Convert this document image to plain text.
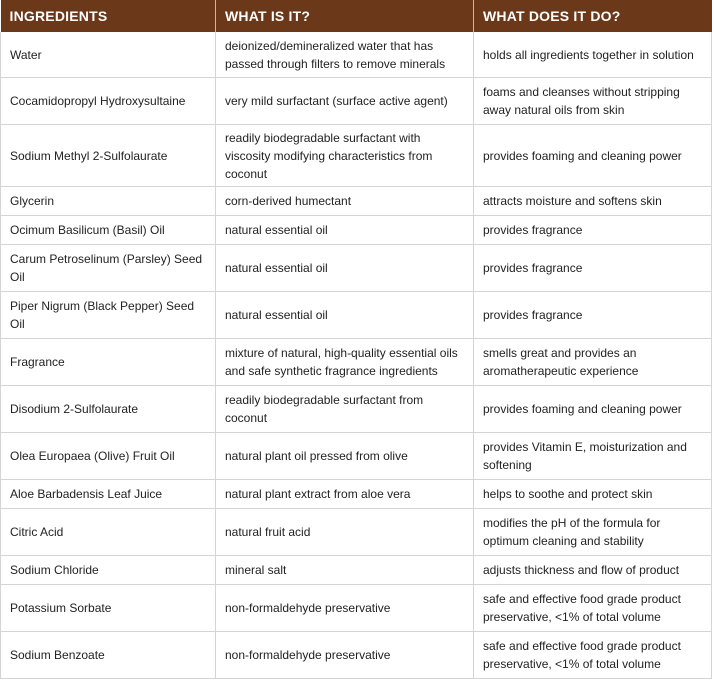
INGREDIENTS	WHAT IS IT?	WHAT DOES IT DO?
Water	deionized/demineralized water that has passed through filters to remove minerals	holds all ingredients together in solution
Cocamidopropyl Hydroxysultaine	very mild surfactant (surface active agent)	foams and cleanses without stripping away natural oils from skin
Sodium Methyl 2-Sulfolaurate	readily biodegradable surfactant with viscosity modifying characteristics from coconut	provides foaming and cleaning power
Glycerin	corn-derived humectant	attracts moisture and softens skin
Ocimum Basilicum (Basil) Oil	natural essential oil	provides fragrance
Carum Petroselinum (Parsley) Seed Oil	natural essential oil	provides fragrance
Piper Nigrum (Black Pepper) Seed Oil	natural essential oil	provides fragrance
Fragrance	mixture of natural, high-quality essential oils and safe synthetic fragrance ingredients	smells great and provides an aromatherapeutic experience
Disodium 2-Sulfolaurate	readily biodegradable surfactant from coconut	provides foaming and cleaning power
Olea Europaea (Olive) Fruit Oil	natural plant oil pressed from olive	provides Vitamin E, moisturization and softening
Aloe Barbadensis Leaf Juice	natural plant extract from aloe vera	helps to soothe and protect skin
Citric Acid	natural fruit acid	modifies the pH of the formula for optimum cleaning and stability
Sodium Chloride	mineral salt	adjusts thickness and flow of product
Potassium Sorbate	non-formaldehyde preservative	safe and effective food grade product preservative, <1% of total volume
Sodium Benzoate	non-formaldehyde preservative	safe and effective food grade product preservative, <1% of total volume
